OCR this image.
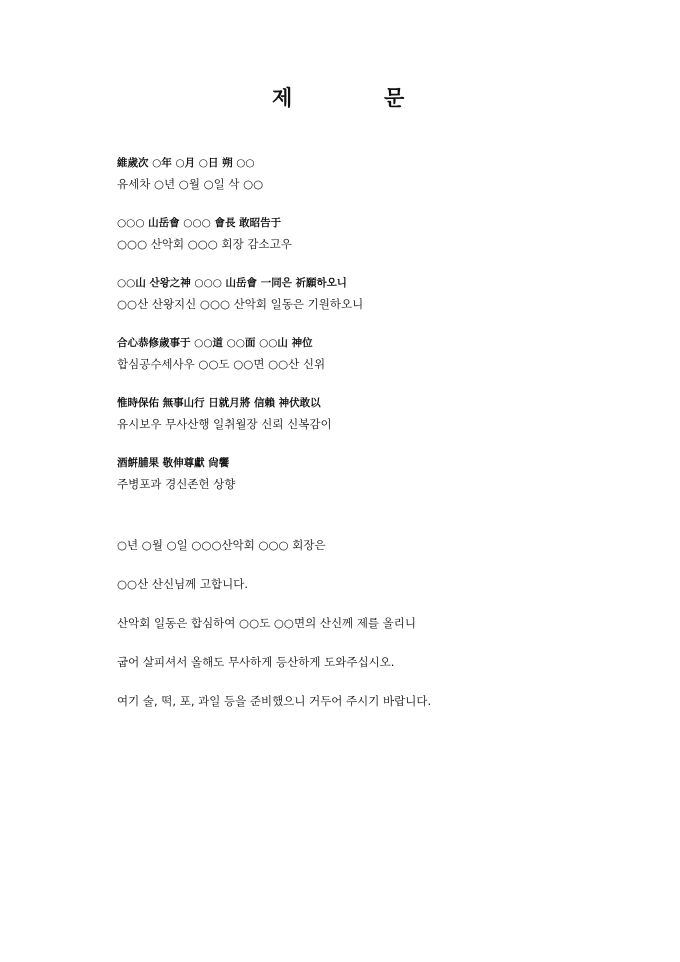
제	문
維歲次 ○年 ○月 ○日 朔 ○○
유세차 ○년 ○월 ○일 삭 ○○
○○○ 山岳會 ○○○ 會長 敢昭告于
○○○ 산악회 ○○○ 회장 감소고우
○○山 산왕之神 ○○○ 山岳會 一同은 祈願하오니
○○산 산왕지신 ○○○ 산악회 일동은 기원하오니
合心恭修歲事于 ○○道 ○○面 ○○山 神位
합심공수세사우 ○○도 ○○면 ○○산 신위
惟時保佑 無事山行 日就月將 信賴 神伏敢以
유시보우 무사산행 일취월장 신뢰 신복감이
酒餠脯果 敬伸尊獻 尙饗
주병포과 경신존헌 상향
○년 ○월 ○일 ○○○산악회 ○○○ 회장은
○○산 산신님께 고합니다.
산악회 일동은 합심하여 ○○도 ○○면의 산신께 제를 올리니
굽어 살피셔서 올해도 무사하게 등산하게 도와주십시오.
여기 술, 떡, 포, 과일 등을 준비했으니 거두어 주시기 바랍니다.
